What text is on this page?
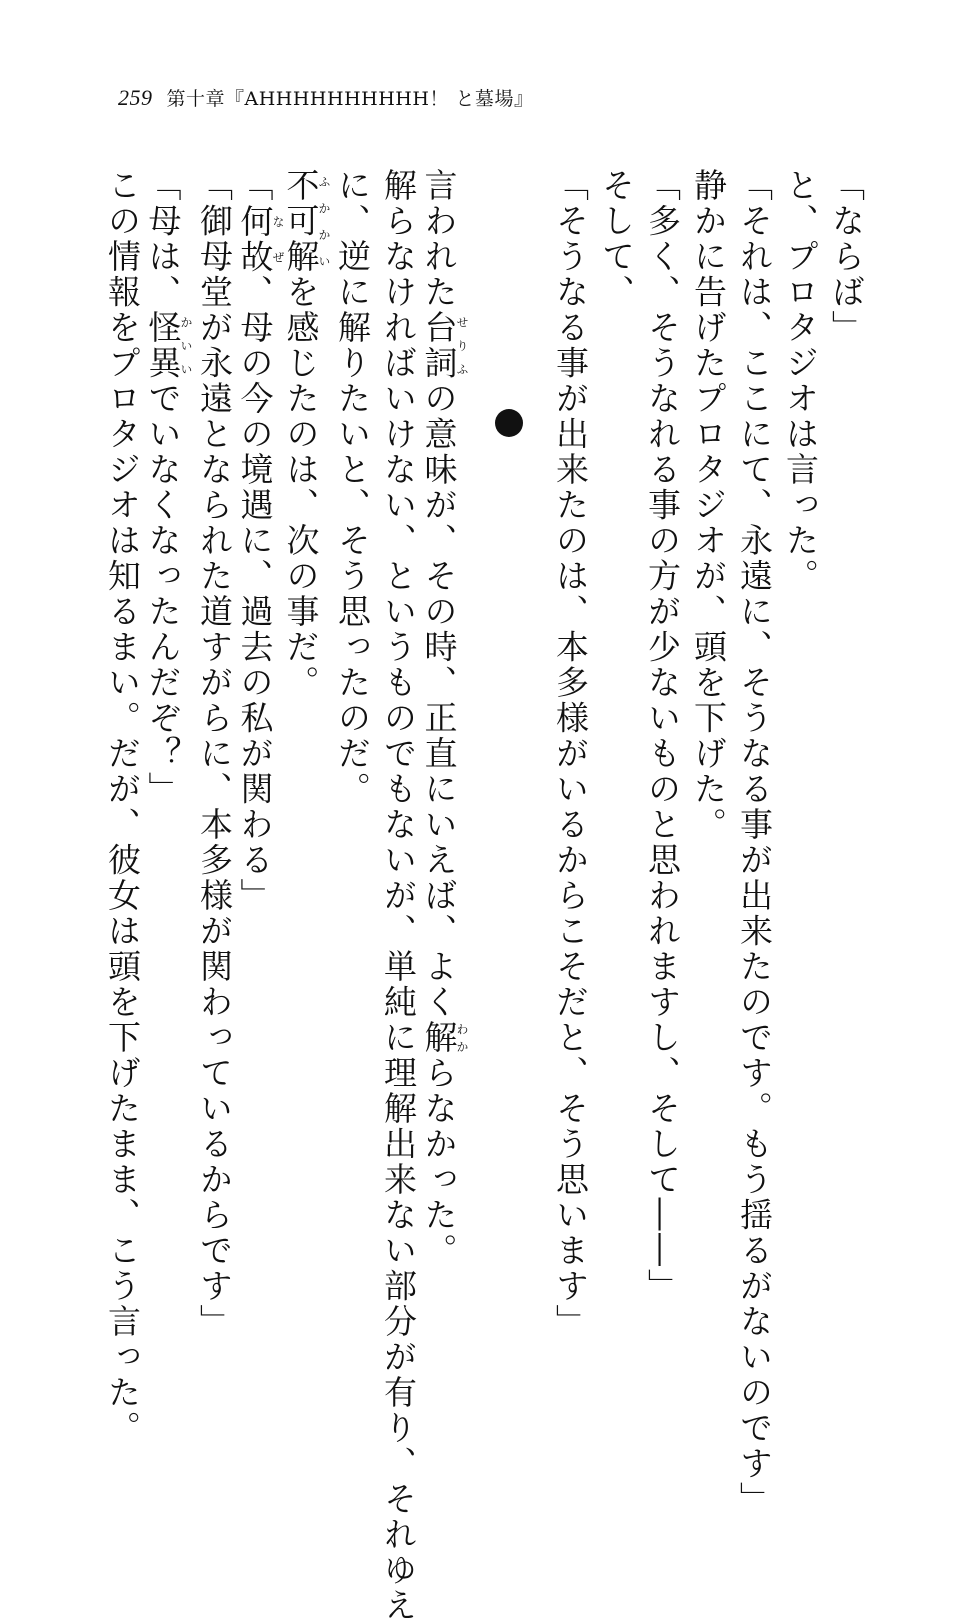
259 第十章『AHHHHHHHHHH！ と墓場』
「ならば」
と、プロタジオは言った。
「それは、ここにて、永遠に、そうなる事が出来たのです。もう揺るがないのです」
静かに告げたプロタジオが、頭を下げた。
「多く、そうなれる事の方が少ないものと思われますし、そして――」
そして、
「そうなる事が出来たのは、本多様がいるからこそだと、そう思います」
言われた台詞せりふの意味が、その時、正直にいえば、よく解わからなかった。
解らなければいけない、というものでもないが、単純に理解出来ない部分が有り、それゆえ
に、逆に解りたいと、そう思ったのだ。
不可解ふかかいを感じたのは、次の事だ。
「何故なぜ、母の今の境遇に、過去の私が関わる」
「御母堂が永遠となられた道すがらに、本多様が関わっているからです」
「母は、怪異かいいでいなくなったんだぞ？」
この情報をプロタジオは知るまい。だが、彼女は頭を下げたまま、こう言った。
